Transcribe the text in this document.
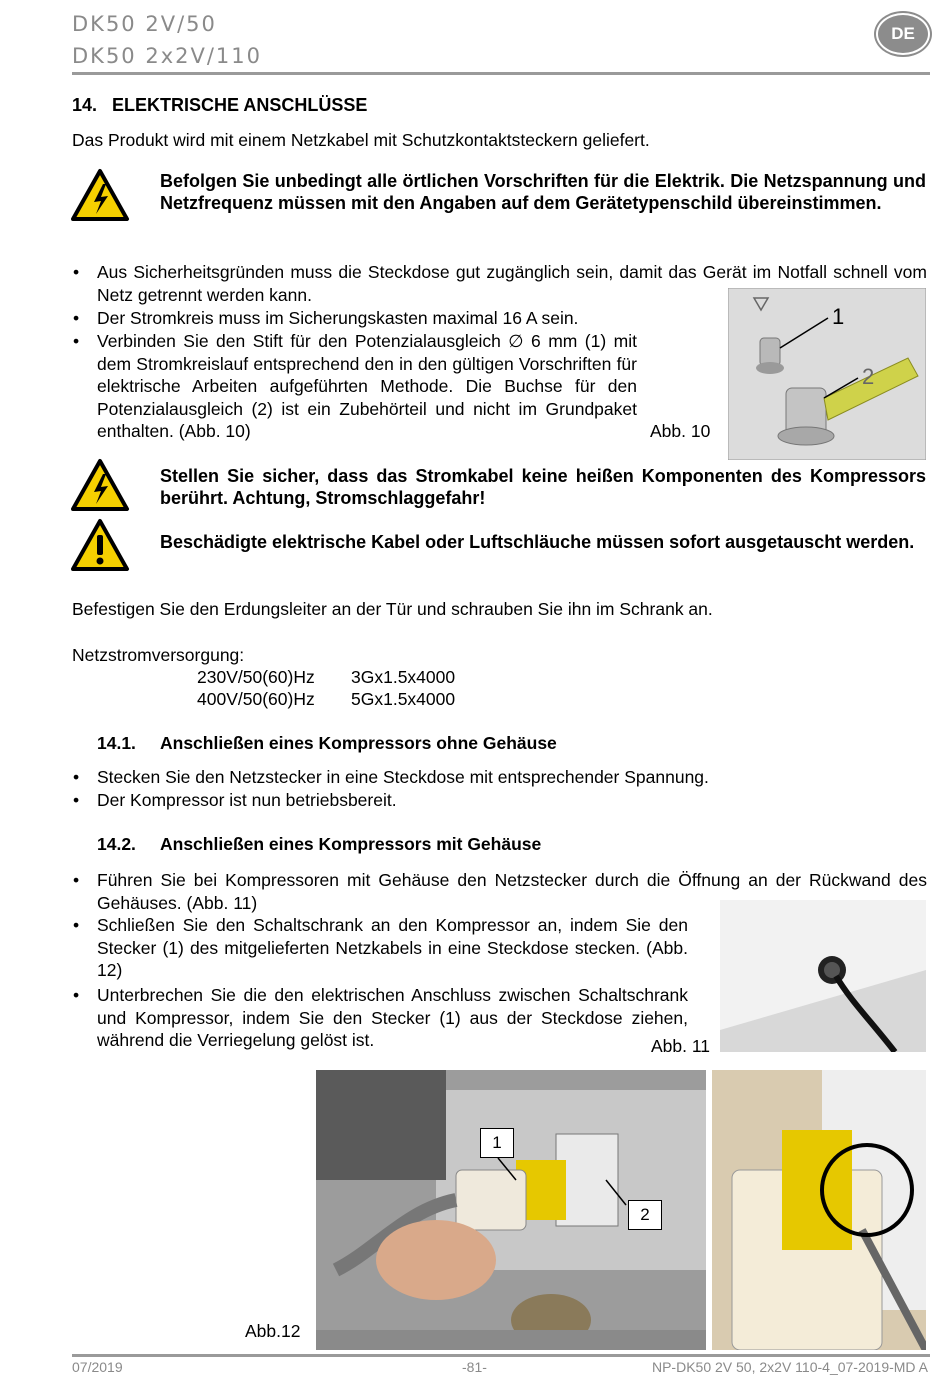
DK50 2V/50
DK50 2x2V/110
DE
14. ELEKTRISCHE ANSCHLÜSSE
Das Produkt wird mit einem Netzkabel mit Schutzkontaktsteckern geliefert.
Befolgen Sie unbedingt alle örtlichen Vorschriften für die Elektrik. Die Netzspannung und Netzfrequenz müssen mit den Angaben auf dem Gerätetypenschild übereinstimmen.
• Aus Sicherheitsgründen muss die Steckdose gut zugänglich sein, damit das Gerät im Notfall schnell vom Netz getrennt werden kann.
• Der Stromkreis muss im Sicherungskasten maximal 16 A sein.
• Verbinden Sie den Stift für den Potenzialausgleich ∅ 6 mm (1) mit dem Stromkreislauf entsprechend den in den gültigen Vorschriften für elektrische Arbeiten aufgeführten Methode. Die Buchse für den Potenzialausgleich (2) ist ein Zubehörteil und nicht im Grundpaket enthalten. (Abb. 10)
1
2
Abb. 10
Stellen Sie sicher, dass das Stromkabel keine heißen Komponenten des Kompressors berührt. Achtung, Stromschlaggefahr!
Beschädigte elektrische Kabel oder Luftschläuche müssen sofort ausgetauscht werden.
Befestigen Sie den Erdungsleiter an der Tür und schrauben Sie ihn im Schrank an.
Netzstromversorgung:
230V/50(60)Hz 3Gx1.5x4000
400V/50(60)Hz 5Gx1.5x4000
14.1. Anschließen eines Kompressors ohne Gehäuse
• Stecken Sie den Netzstecker in eine Steckdose mit entsprechender Spannung.
• Der Kompressor ist nun betriebsbereit.
14.2. Anschließen eines Kompressors mit Gehäuse
• Führen Sie bei Kompressoren mit Gehäuse den Netzstecker durch die Öffnung an der Rückwand des Gehäuses. (Abb. 11)
• Schließen Sie den Schaltschrank an den Kompressor an, indem Sie den Stecker (1) des mitgelieferten Netzkabels in eine Steckdose stecken. (Abb. 12)
• Unterbrechen Sie die den elektrischen Anschluss zwischen Schaltschrank und Kompressor, indem Sie den Stecker (1) aus der Steckdose ziehen, während die Verriegelung gelöst ist.	Abb. 11
1
2
Abb.12
07/2019	-81-	NP-DK50 2V 50, 2x2V 110-4_07-2019-MD A
